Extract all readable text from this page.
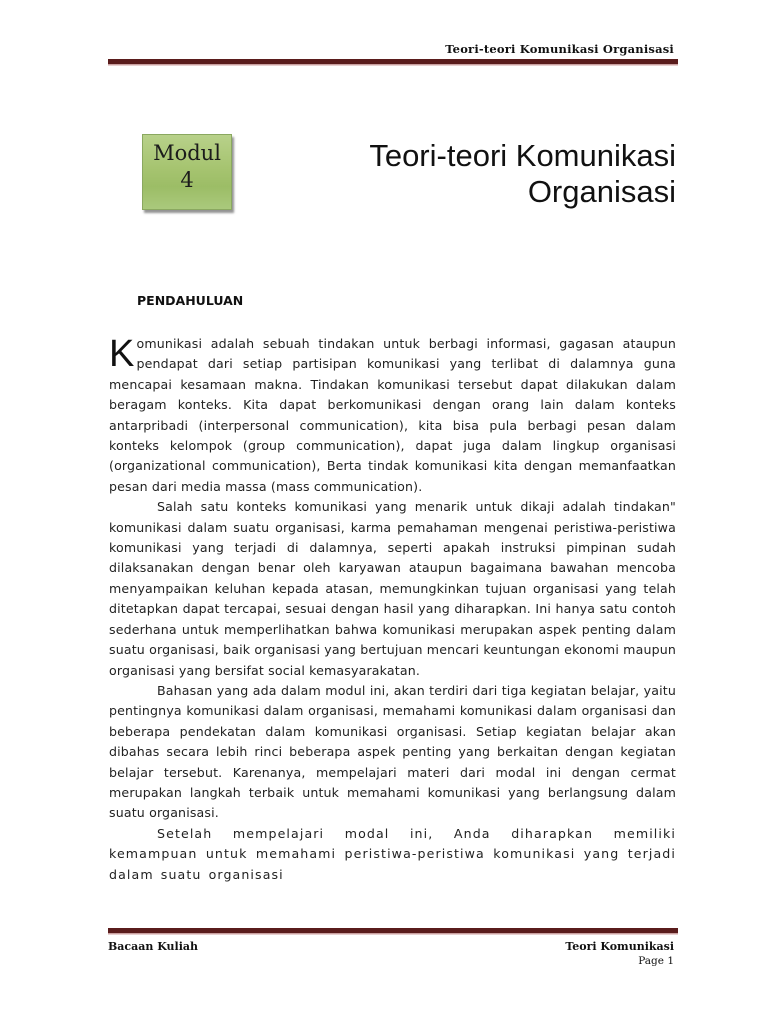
Teori-teori Komunikasi Organisasi
Modul
4
Teori-teori Komunikasi
Organisasi
PENDAHULUAN

Komunikasi adalah sebuah tindakan untuk berbagi informasi, gagasan ataupun pendapat dari setiap partisipan komunikasi yang terlibat di dalamnya guna mencapai kesamaan makna. Tindakan komunikasi tersebut dapat dilakukan dalam beragam konteks. Kita dapat berkomunikasi dengan orang lain dalam konteks antarpribadi (interpersonal communication), kita bisa pula berbagi pesan dalam konteks kelompok (group communication), dapat juga dalam lingkup organisasi (organizational communication), Berta tindak komunikasi kita dengan memanfaatkan pesan dari media massa (mass communication).

Salah satu konteks komunikasi yang menarik untuk dikaji adalah tindakan" komunikasi dalam suatu organisasi, karma pemahaman mengenai peristiwa-peristiwa komunikasi yang terjadi di dalamnya, seperti apakah instruksi pimpinan sudah dilaksanakan dengan benar oleh karyawan ataupun bagaimana bawahan mencoba menyampaikan keluhan kepada atasan, memungkinkan tujuan organisasi yang telah ditetapkan dapat tercapai, sesuai dengan hasil yang diharapkan. Ini hanya satu contoh sederhana untuk memperlihatkan bahwa komunikasi merupakan aspek penting dalam suatu organisasi, baik organisasi yang bertujuan mencari keuntungan ekonomi maupun organisasi yang bersifat social kemasyarakatan.

Bahasan yang ada dalam modul ini, akan terdiri dari tiga kegiatan belajar, yaitu pentingnya komunikasi dalam organisasi, memahami komunikasi dalam organisasi dan beberapa pendekatan dalam komunikasi organisasi. Setiap kegiatan belajar akan dibahas secara lebih rinci beberapa aspek penting yang berkaitan dengan kegiatan belajar tersebut. Karenanya, mempelajari materi dari modal ini dengan cermat merupakan langkah terbaik untuk memahami komunikasi yang berlangsung dalam suatu organisasi.

Setelah mempelajari modal ini, Anda diharapkan memiliki kemampuan untuk memahami peristiwa-peristiwa komunikasi yang terjadi dalam suatu organisasi

Bacaan Kuliah	Teori Komunikasi
Page 1
